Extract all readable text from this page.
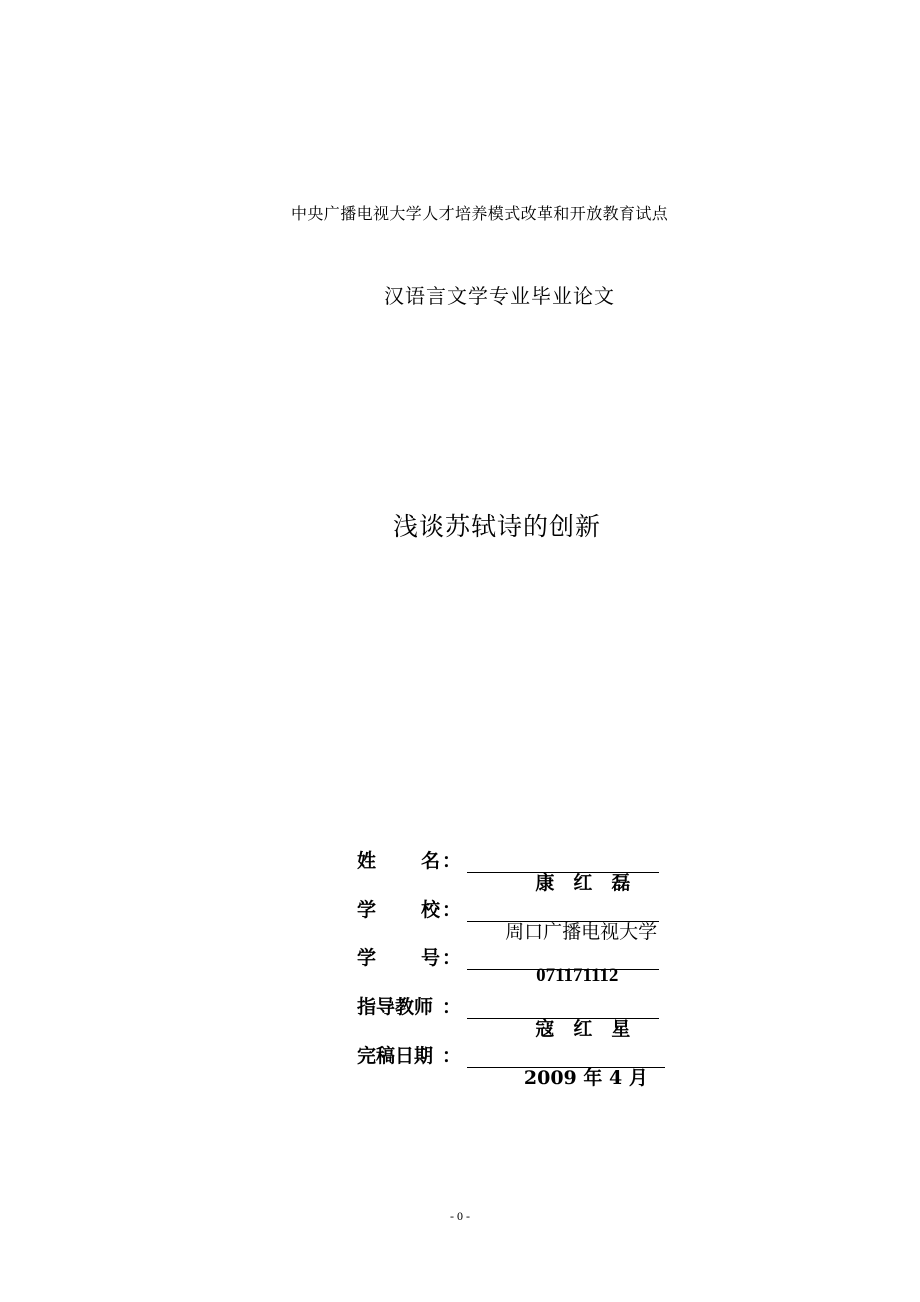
中央广播电视大学人才培养模式改革和开放教育试点
汉语言文学专业毕业论文
浅谈苏轼诗的创新
姓 名 ：

康　红　磊

学 校 ：

周口广播电视大学

学 号 ：

071171112

指导教师 ：

寇　红　星

完稿日期 ：

2009 年 4 月

- 0 -
